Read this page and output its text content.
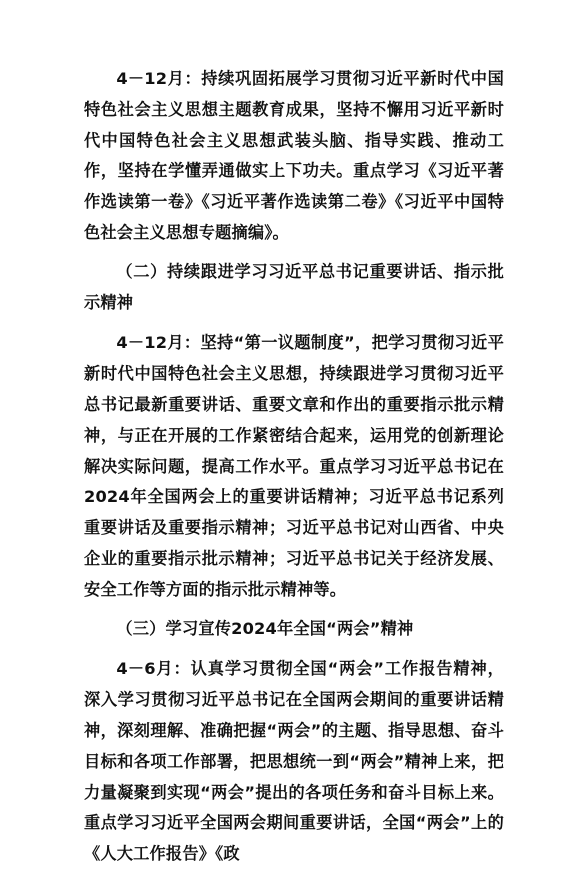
4－12月：持续巩固拓展学习贯彻习近平新时代中国特色社会主义思想主题教育成果，坚持不懈用习近平新时代中国特色社会主义思想武装头脑、指导实践、推动工作，坚持在学懂弄通做实上下功夫。重点学习《习近平著作选读第一卷》《习近平著作选读第二卷》《习近平中国特色社会主义思想专题摘编》。

（二）持续跟进学习习近平总书记重要讲话、指示批示精神

4－12月：坚持“第一议题制度”，把学习贯彻习近平新时代中国特色社会主义思想，持续跟进学习贯彻习近平总书记最新重要讲话、重要文章和作出的重要指示批示精神，与正在开展的工作紧密结合起来，运用党的创新理论解决实际问题，提高工作水平。重点学习习近平总书记在2024年全国两会上的重要讲话精神；习近平总书记系列重要讲话及重要指示精神；习近平总书记对山西省、中央企业的重要指示批示精神；习近平总书记关于经济发展、安全工作等方面的指示批示精神等。

（三）学习宣传2024年全国“两会”精神

4－6月：认真学习贯彻全国“两会”工作报告精神，深入学习贯彻习近平总书记在全国两会期间的重要讲话精神，深刻理解、准确把握“两会”的主题、指导思想、奋斗目标和各项工作部署，把思想统一到“两会”精神上来，把力量凝聚到实现“两会”提出的各项任务和奋斗目标上来。重点学习习近平全国两会期间重要讲话，全国“两会”上的《人大工作报告》《政
